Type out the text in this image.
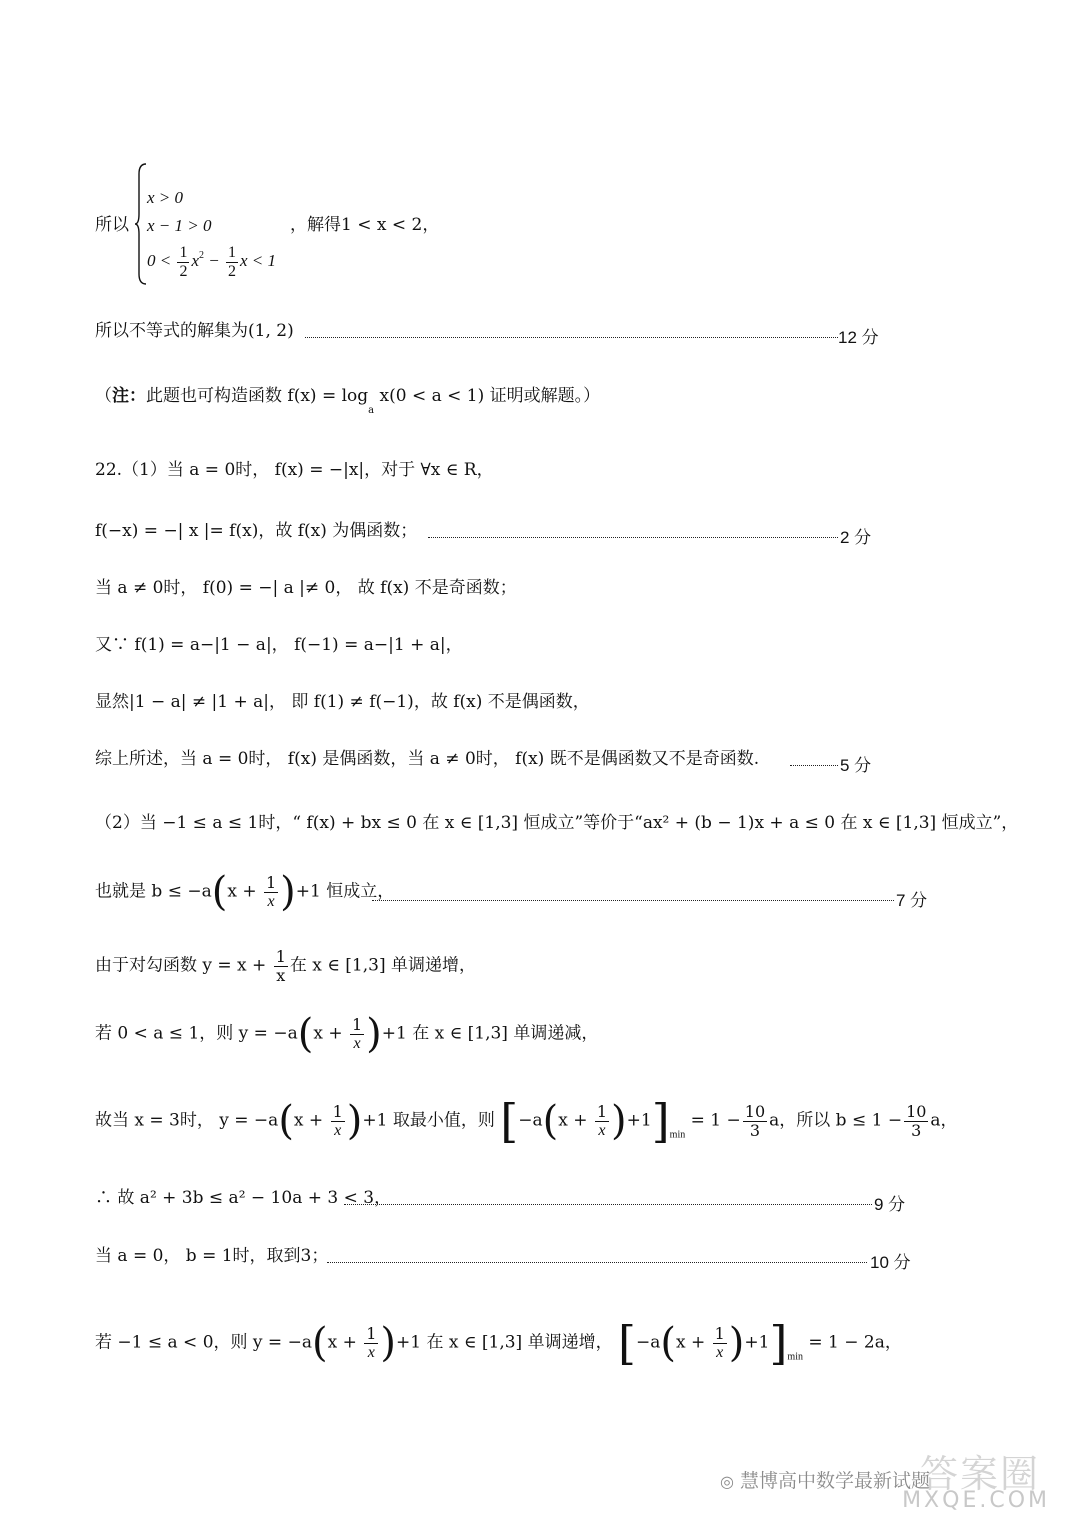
所以
x > 0
x − 1 > 0
$0 < \frac{1}{2} x^2 - \frac{1}{2}$ x < 1
，解得1 < x < 2，
所以不等式的解集为(1, 2)	12 分
（注：此题也可构造函数 $f(x) = \log_a x(0 < a < 1)$ 证明或解题。）
22.（1）当 a = 0时， f(x) = −|x|，对于 ∀x ∈ R，
f(−x) = −| x |= f(x)，故 f(x) 为偶函数；	2 分
当 a ≠ 0时， f(0) = −| a |≠ 0， 故 f(x) 不是奇函数；
又∵ f(1) = a−|1 − a|， f(−1) = a−|1 + a|，
显然|1 − a| ≠ |1 + a|， 即 f(1) ≠ f(−1)，故 f(x) 不是偶函数，
综上所述，当 a = 0时， f(x) 是偶函数，当 a ≠ 0时， f(x) 既不是偶函数又不是奇函数.	5 分
（2）当 −1 ≤ a ≤ 1时，“ f(x) + bx ≤ 0 在 x ∈ [1,3] 恒成立”等价于“ax² + (b − 1)x + a ≤ 0 在 x ∈ [1,3] 恒成立”，
也就是 $b \le -a(x + \frac{1}{x} )+1$ 恒成立，	7 分
由于对勾函数 $y = x + \frac{1}{x}$ 在 x ∈ [1,3] 单调递增，
若 0 < a ≤ 1，则 $y = -a(x + \frac{1}{x} )+1$ 在 x ∈ [1,3] 单调递减，
故当 x = 3时， $y = -a(x + \frac{1}{x} )+1$ 取最小值，则 $[-a(x + \frac{1}{x} )+1]_{min} = 1 - \frac{10}{3}$ a，所以 $b \le 1 - \frac{10}{3}$ a，
∴ 故 a² + 3b ≤ a² − 10a + 3 < 3，	9 分
当 a = 0， b = 1时，取到3；	10 分
若 −1 ≤ a < 0，则 $y = -a(x + \frac{1}{x} )+1$ 在 x ∈ [1,3] 单调递增， $[-a(x + \frac{1}{x} )+1]_{min} = 1 - 2a$，
答案圈
◎ 慧博高中数学最新试题
MXQE.COM
